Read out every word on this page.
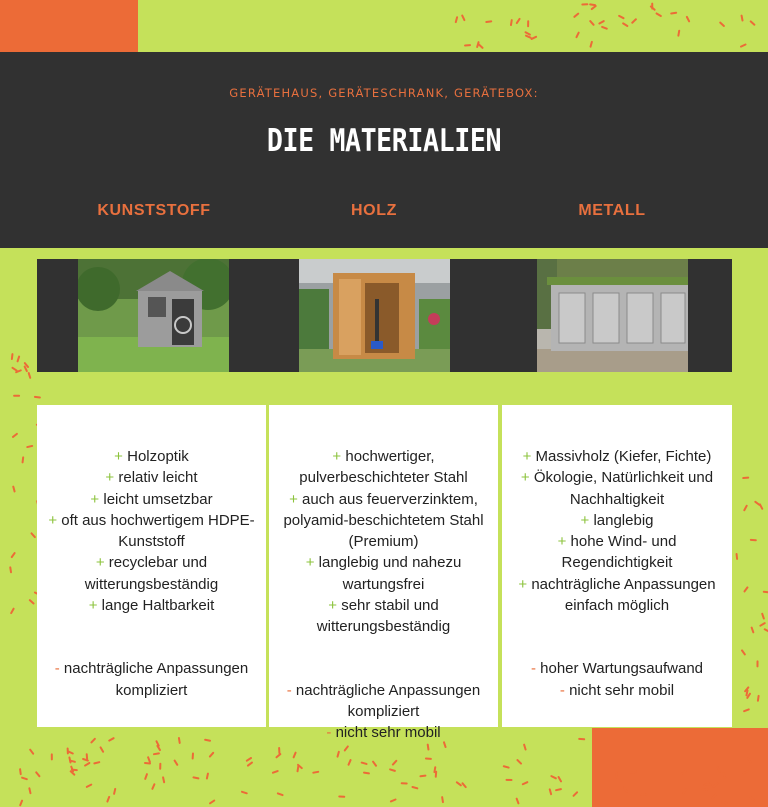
GERÄTEHAUS, GERÄTESCHRANK, GERÄTEBOX:
DIE MATERIALIEN
KUNSTSTOFF	HOLZ	METALL
+ Holzoptik
+ relativ leicht
+ leicht umsetzbar
+ oft aus hochwertigem HDPE-Kunststoff
+ recyclebar und witterungsbeständig
+ lange Haltbarkeit
- nachträgliche Anpassungen kompliziert
+ hochwertiger, pulverbeschichteter Stahl
+ auch aus feuerverzinktem, polyamid-beschichtetem Stahl (Premium)
+ langlebig und nahezu wartungsfrei
+ sehr stabil und witterungsbeständig
- nachträgliche Anpassungen kompliziert
- nicht sehr mobil
+ Massivholz (Kiefer, Fichte)
+ Ökologie, Natürlichkeit und Nachhaltigkeit
+ langlebig
+ hohe Wind- und Regendichtigkeit
+ nachträgliche Anpassungen einfach möglich
- hoher Wartungsaufwand
- nicht sehr mobil
